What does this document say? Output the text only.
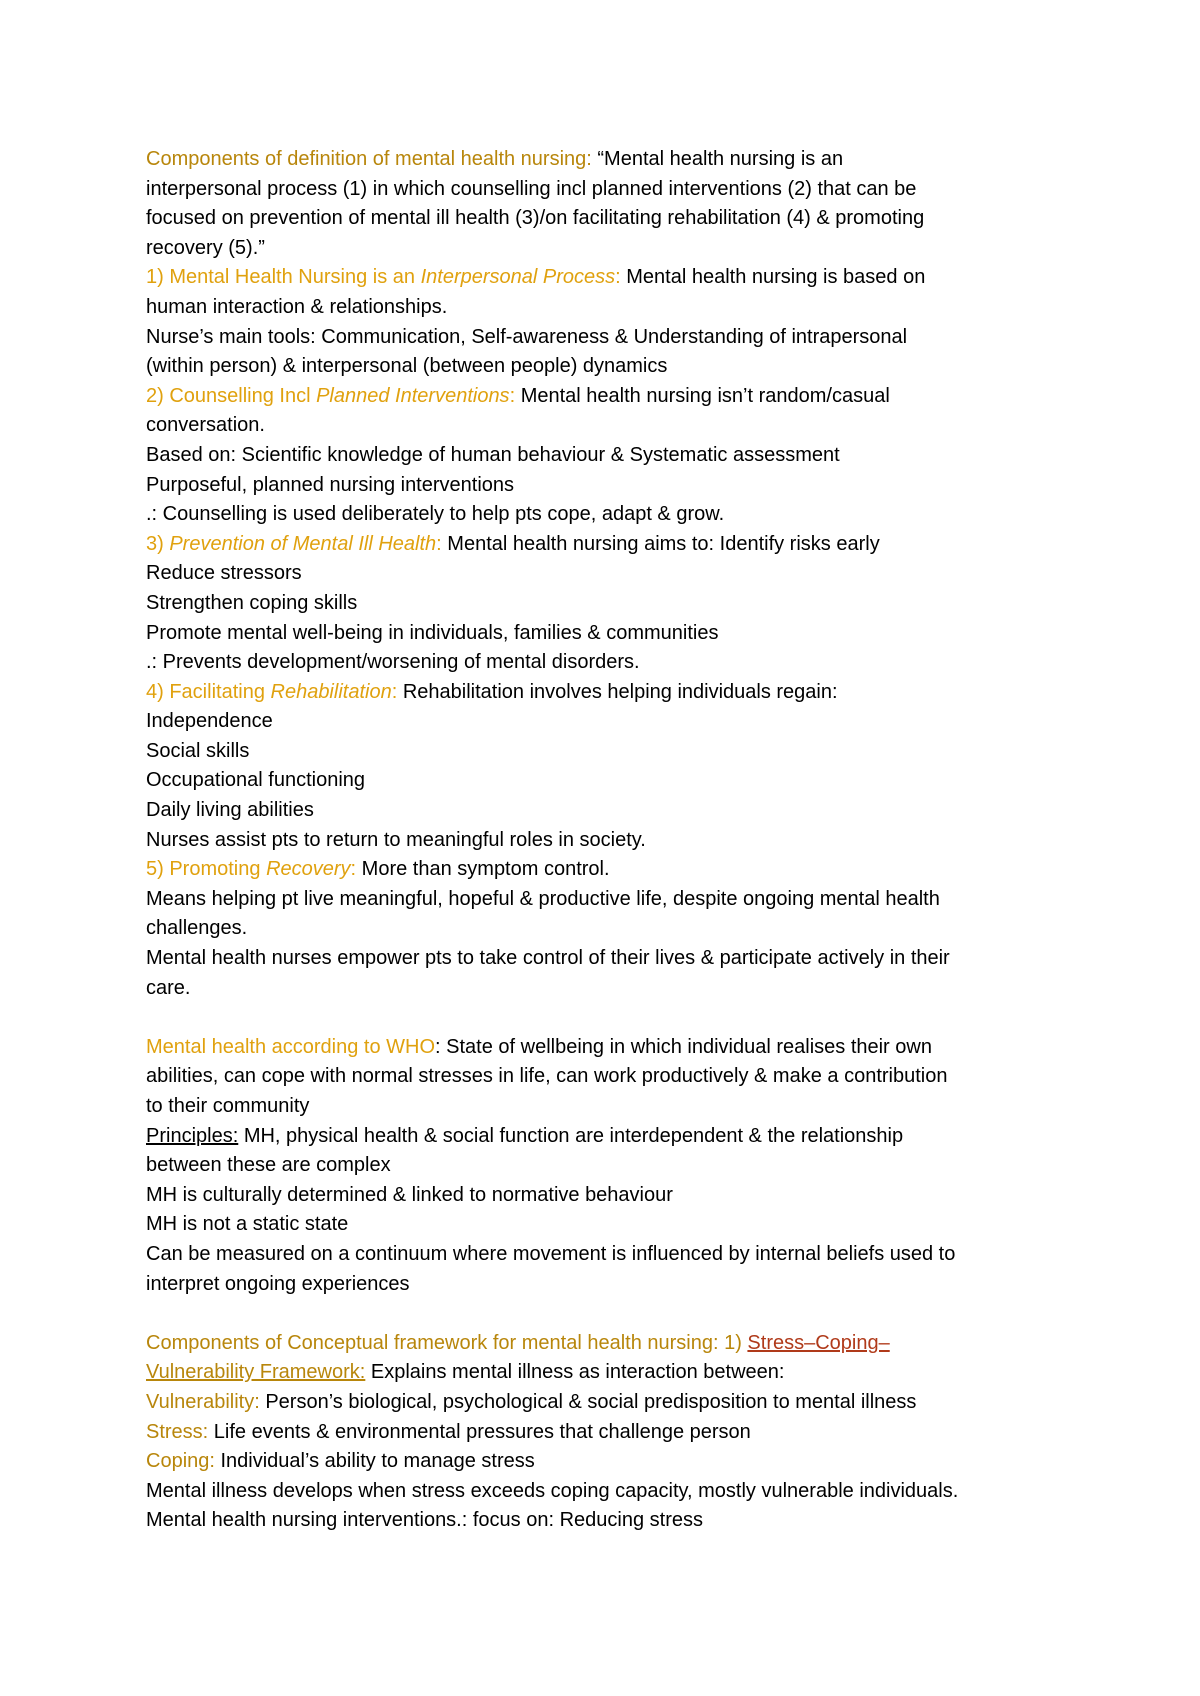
Components of definition of mental health nursing: “Mental health nursing is an
interpersonal process (1) in which counselling incl planned interventions (2) that can be
focused on prevention of mental ill health (3)/on facilitating rehabilitation (4) & promoting
recovery (5).”
1) Mental Health Nursing is an Interpersonal Process: Mental health nursing is based on
human interaction & relationships.
Nurse’s main tools: Communication, Self-awareness & Understanding of intrapersonal
(within person) & interpersonal (between people) dynamics
2) Counselling Incl Planned Interventions: Mental health nursing isn’t random/casual
conversation.
Based on: Scientific knowledge of human behaviour & Systematic assessment
Purposeful, planned nursing interventions
.: Counselling is used deliberately to help pts cope, adapt & grow.
3) Prevention of Mental Ill Health: Mental health nursing aims to: Identify risks early
Reduce stressors
Strengthen coping skills
Promote mental well-being in individuals, families & communities
.: Prevents development/worsening of mental disorders.
4) Facilitating Rehabilitation: Rehabilitation involves helping individuals regain:
Independence
Social skills
Occupational functioning
Daily living abilities
Nurses assist pts to return to meaningful roles in society.
5) Promoting Recovery: More than symptom control.
Means helping pt live meaningful, hopeful & productive life, despite ongoing mental health
challenges.
Mental health nurses empower pts to take control of their lives & participate actively in their
care.
Mental health according to WHO: State of wellbeing in which individual realises their own
abilities, can cope with normal stresses in life, can work productively & make a contribution
to their community
Principles: MH, physical health & social function are interdependent & the relationship
between these are complex
MH is culturally determined & linked to normative behaviour
MH is not a static state
Can be measured on a continuum where movement is influenced by internal beliefs used to
interpret ongoing experiences
Components of Conceptual framework for mental health nursing: 1) Stress–Coping–
Vulnerability Framework: Explains mental illness as interaction between:
Vulnerability: Person’s biological, psychological & social predisposition to mental illness
Stress: Life events & environmental pressures that challenge person
Coping: Individual’s ability to manage stress
Mental illness develops when stress exceeds coping capacity, mostly vulnerable individuals.
Mental health nursing interventions.: focus on: Reducing stress
